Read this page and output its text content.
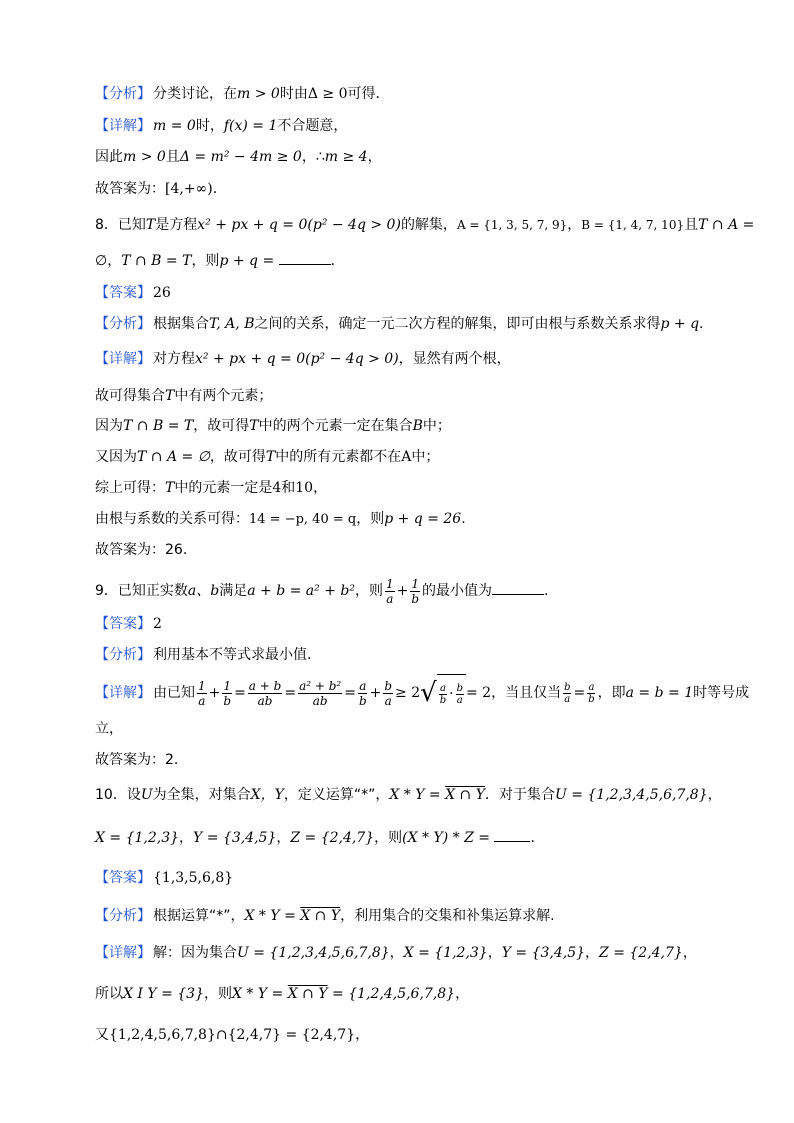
【分析】 分类讨论，在m > 0时由Δ ≥ 0可得．
【详解】 m = 0时，f(x) = 1不合题意，
因此m > 0且Δ = m² − 4m ≥ 0，∴m ≥ 4，
故答案为：[4,+∞)．
8．已知T是方程x² + px + q = 0(p² − 4q > 0)的解集，A = {1, 3, 5, 7, 9}，B = {1, 4, 7, 10}且T ∩ A =
∅，T ∩ B = T，则p + q =	．
【答案】 26
【分析】 根据集合T, A, B之间的关系，确定一元二次方程的解集，即可由根与系数关系求得p + q.
【详解】 对方程x² + px + q = 0(p² − 4q > 0)，显然有两个根，
故可得集合T中有两个元素；
因为T ∩ B = T，故可得T中的两个元素一定在集合B中；
又因为T ∩ A = ∅，故可得T中的所有元素都不在A中；
综上可得：T中的元素一定是4和10，
由根与系数的关系可得：14 = −p, 40 = q，则p + q = 26.
故答案为：26.
9．已知正实数a、b满足a + b = a² + b²，则 $\frac{1}{a} + \frac{1}{b}$ 的最小值为	.
【答案】 2
【分析】 利用基本不等式求最小值.
【详解】 由已知 $\frac{1}{a} + \frac{1}{b} = \frac{a + b}{ab} = \frac{\text{a² + b²}}{ab} = \frac{a}{b} + \frac{b}{a} \ge 2$ √ $\frac{a}{b} \cdot \frac{b}{a} = 2$，当且仅当 $\frac{b}{a} = \frac{a}{b}$ ，即a = b = 1时等号成
立，
故答案为：2.
10．设U为全集，对集合X，Y，定义运算“*”，X * Y = X ∩ Y．对于集合U = {1,2,3,4,5,6,7,8}，
X = {1,2,3}，Y = {3,4,5}，Z = {2,4,7}，则(X * Y) * Z =	．
【答案】 {1,3,5,6,8}
【分析】 根据运算“*”，X * Y = X ∩ Y，利用集合的交集和补集运算求解.
【详解】 解：因为集合U = {1,2,3,4,5,6,7,8}，X = {1,2,3}，Y = {3,4,5}，Z = {2,4,7}，
所以X I Y = {3}，则X * Y = X ∩ Y = {1,2,4,5,6,7,8}，
又{1,2,4,5,6,7,8}∩{2,4,7} = {2,4,7}，
